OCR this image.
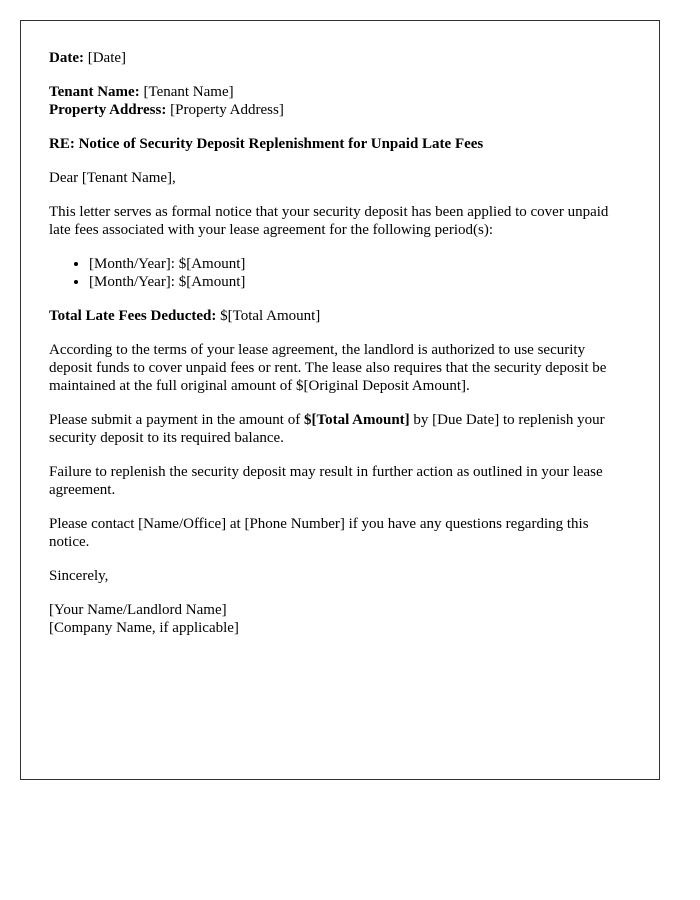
Date: [Date]

Tenant Name: [Tenant Name]
Property Address: [Property Address]

RE: Notice of Security Deposit Replenishment for Unpaid Late Fees

Dear [Tenant Name],

This letter serves as formal notice that your security deposit has been applied to cover unpaid late fees associated with your lease agreement for the following period(s):

• [Month/Year]: $[Amount]
• [Month/Year]: $[Amount]

Total Late Fees Deducted: $[Total Amount]

According to the terms of your lease agreement, the landlord is authorized to use security deposit funds to cover unpaid fees or rent. The lease also requires that the security deposit be maintained at the full original amount of $[Original Deposit Amount].

Please submit a payment in the amount of $[Total Amount] by [Due Date] to replenish your security deposit to its required balance.

Failure to replenish the security deposit may result in further action as outlined in your lease agreement.

Please contact [Name/Office] at [Phone Number] if you have any questions regarding this notice.

Sincerely,

[Your Name/Landlord Name]
[Company Name, if applicable]
